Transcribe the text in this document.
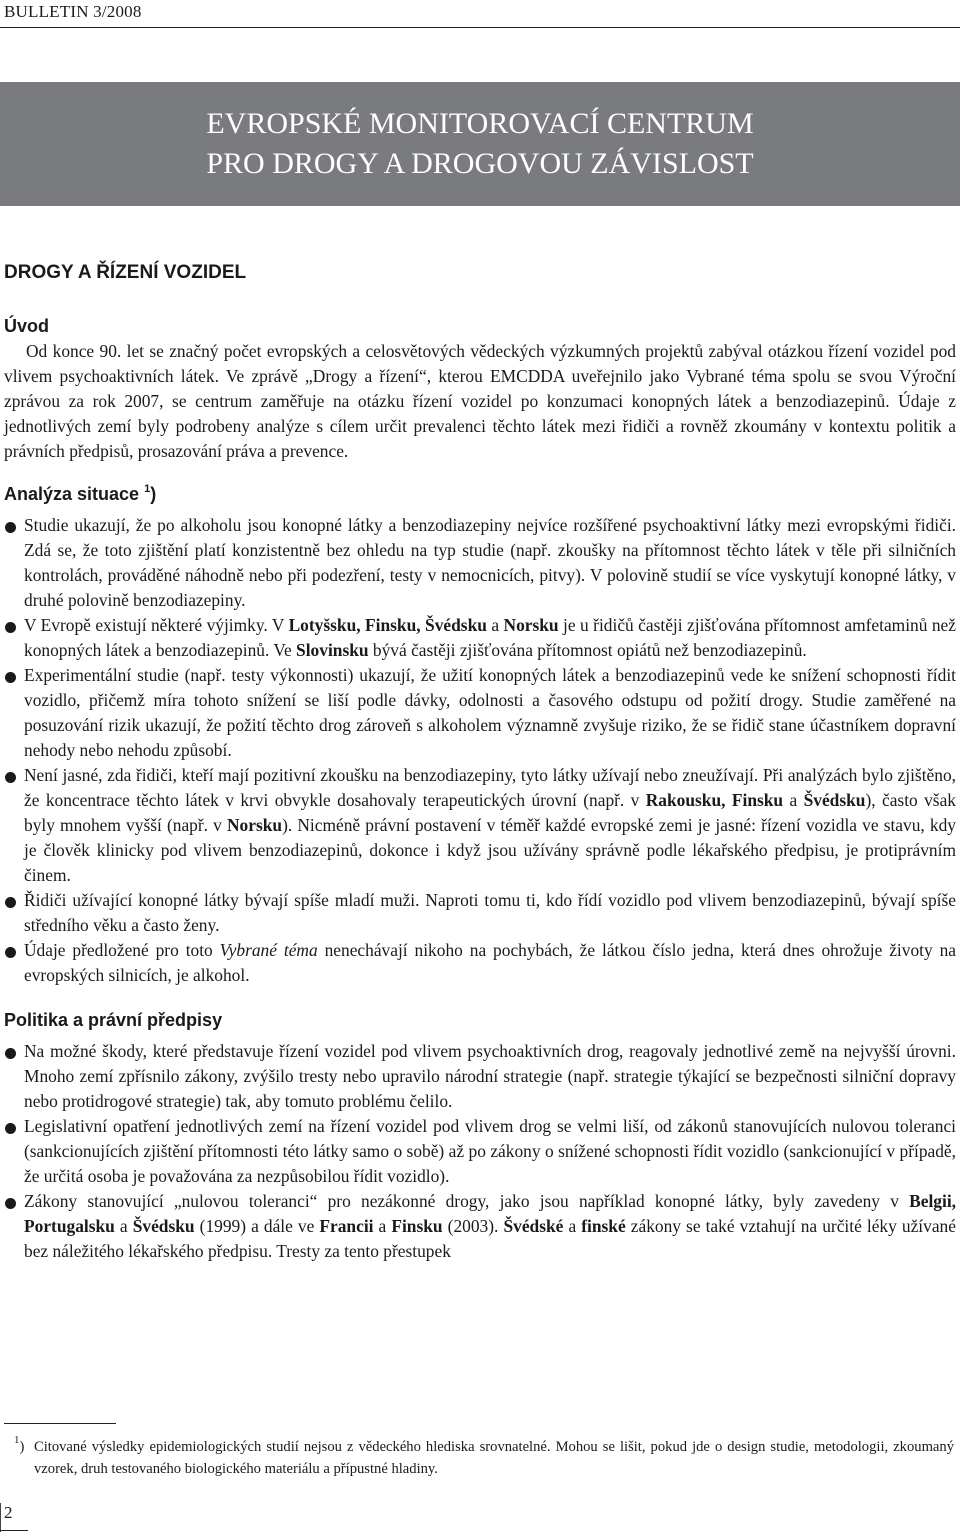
BULLETIN 3/2008
EVROPSKÉ MONITOROVACÍ CENTRUM
PRO DROGY A DROGOVOU ZÁVISLOST
DROGY A ŘÍZENÍ VOZIDEL
Úvod

Od konce 90. let se značný počet evropských a celosvětových vědeckých výzkumných projektů zabýval otázkou řízení vozidel pod vlivem psychoaktivních látek. Ve zprávě „Drogy a řízení“, kterou EMCDDA uveřejnilo jako Vybrané téma spolu se svou Výroční zprávou za rok 2007, se centrum zaměřuje na otázku řízení vozidel po konzumaci konopných látek a benzodiazepinů. Údaje z jednotlivých zemí byly podrobeny analýze s cílem určit prevalenci těchto látek mezi řidiči a rovněž zkoumány v kontextu politik a právních předpisů, prosazování práva a prevence.

Analýza situace $^1$)
Studie ukazují, že po alkoholu jsou konopné látky a benzodiazepiny nejvíce rozšířené psychoaktivní látky mezi evropskými řidiči. Zdá se, že toto zjištění platí konzistentně bez ohledu na typ studie (např. zkoušky na přítomnost těchto látek v těle při silničních kontrolách, prováděné náhodně nebo při podezření, testy v nemocnicích, pitvy). V polovině studií se více vyskytují konopné látky, v druhé polovině benzodiazepiny.
V Evropě existují některé výjimky. V Lotyšsku, Finsku, Švédsku a Norsku je u řidičů častěji zjišťována přítomnost amfetaminů než konopných látek a benzodiazepinů. Ve Slovinsku bývá častěji zjišťována přítomnost opiátů než benzodiazepinů.
Experimentální studie (např. testy výkonnosti) ukazují, že užití konopných látek a benzodiazepinů vede ke snížení schopnosti řídit vozidlo, přičemž míra tohoto snížení se liší podle dávky, odolnosti a časového odstupu od požití drogy. Studie zaměřené na posuzování rizik ukazují, že požití těchto drog zároveň s alkoholem významně zvyšuje riziko, že se řidič stane účastníkem dopravní nehody nebo nehodu způsobí.
Není jasné, zda řidiči, kteří mají pozitivní zkoušku na benzodiazepiny, tyto látky užívají nebo zneužívají. Při analýzách bylo zjištěno, že koncentrace těchto látek v krvi obvykle dosahovaly terapeutických úrovní (např. v Rakousku, Finsku a Švédsku), často však byly mnohem vyšší (např. v Norsku). Nicméně právní postavení v téměř každé evropské zemi je jasné: řízení vozidla ve stavu, kdy je člověk klinicky pod vlivem benzodiazepinů, dokonce i když jsou užívány správně podle lékařského předpisu, je protiprávním činem.
Řidiči užívající konopné látky bývají spíše mladí muži. Naproti tomu ti, kdo řídí vozidlo pod vlivem benzodiazepinů, bývají spíše středního věku a často ženy.
Údaje předložené pro toto Vybrané téma nenechávají nikoho na pochybách, že látkou číslo jedna, která dnes ohrožuje životy na evropských silnicích, je alkohol.
Politika a právní předpisy
Na možné škody, které představuje řízení vozidel pod vlivem psychoaktivních drog, reagovaly jednotlivé země na nejvyšší úrovni. Mnoho zemí zpřísnilo zákony, zvýšilo tresty nebo upravilo národní strategie (např. strategie týkající se bezpečnosti silniční dopravy nebo protidrogové strategie) tak, aby tomuto problému čelilo.
Legislativní opatření jednotlivých zemí na řízení vozidel pod vlivem drog se velmi liší, od zákonů stanovujících nulovou toleranci (sankcionujících zjištění přítomnosti této látky samo o sobě) až po zákony o snížené schopnosti řídit vozidlo (sankcionující v případě, že určitá osoba je považována za nezpůsobilou řídit vozidlo).
Zákony stanovující „nulovou toleranci“ pro nezákonné drogy, jako jsou například konopné látky, byly zavedeny v Belgii, Portugalsku a Švédsku (1999) a dále ve Francii a Finsku (2003). Švédské a finské zákony se také vztahují na určité léky užívané bez náležitého lékařského předpisu. Tresty za tento přestupek
$^1$) Citované výsledky epidemiologických studií nejsou z vědeckého hlediska srovnatelné. Mohou se lišit, pokud jde o design studie, metodologii, zkoumaný vzorek, druh testovaného biologického materiálu a přípustné hladiny.
2
